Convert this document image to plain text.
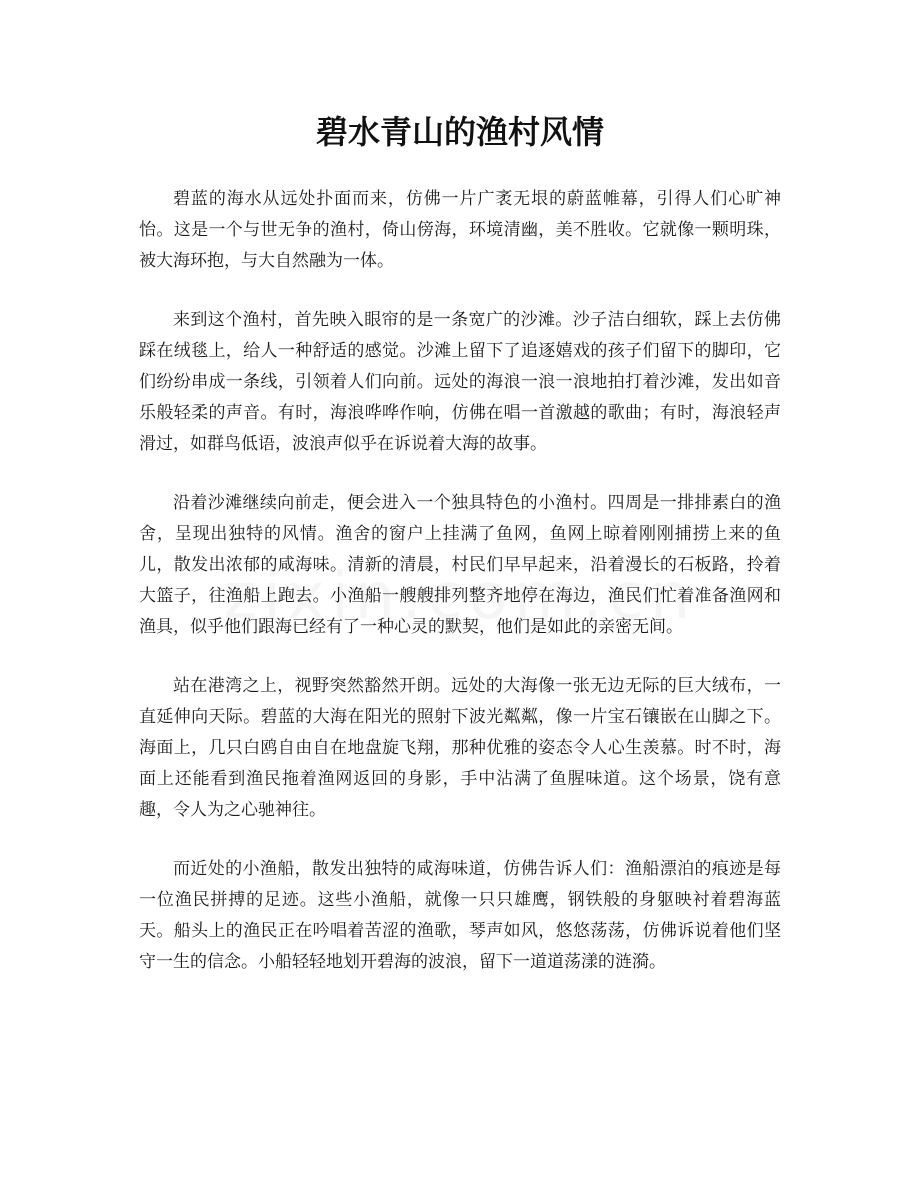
碧水青山的渔村风情

碧蓝的海水从远处扑面而来，仿佛一片广袤无垠的蔚蓝帷幕，引得人们心旷神怡。这是一个与世无争的渔村，倚山傍海，环境清幽，美不胜收。它就像一颗明珠，被大海环抱，与大自然融为一体。

来到这个渔村，首先映入眼帘的是一条宽广的沙滩。沙子洁白细软，踩上去仿佛踩在绒毯上，给人一种舒适的感觉。沙滩上留下了追逐嬉戏的孩子们留下的脚印，它们纷纷串成一条线，引领着人们向前。远处的海浪一浪一浪地拍打着沙滩，发出如音乐般轻柔的声音。有时，海浪哗哗作响，仿佛在唱一首激越的歌曲；有时，海浪轻声滑过，如群鸟低语，波浪声似乎在诉说着大海的故事。

沿着沙滩继续向前走，便会进入一个独具特色的小渔村。四周是一排排素白的渔舍，呈现出独特的风情。渔舍的窗户上挂满了鱼网，鱼网上晾着刚刚捕捞上来的鱼儿，散发出浓郁的咸海味。清新的清晨，村民们早早起来，沿着漫长的石板路，拎着大篮子，往渔船上跑去。小渔船一艘艘排列整齐地停在海边，渔民们忙着准备渔网和渔具，似乎他们跟海已经有了一种心灵的默契，他们是如此的亲密无间。

站在港湾之上，视野突然豁然开朗。远处的大海像一张无边无际的巨大绒布，一直延伸向天际。碧蓝的大海在阳光的照射下波光粼粼，像一片宝石镶嵌在山脚之下。海面上，几只白鸥自由自在地盘旋飞翔，那种优雅的姿态令人心生羡慕。时不时，海面上还能看到渔民拖着渔网返回的身影，手中沾满了鱼腥味道。这个场景，饶有意趣，令人为之心驰神往。

而近处的小渔船，散发出独特的咸海味道，仿佛告诉人们：渔船漂泊的痕迹是每一位渔民拼搏的足迹。这些小渔船，就像一只只雄鹰，钢铁般的身躯映衬着碧海蓝天。船头上的渔民正在吟唱着苦涩的渔歌，琴声如风，悠悠荡荡，仿佛诉说着他们坚守一生的信念。小船轻轻地划开碧海的波浪，留下一道道荡漾的涟漪。
